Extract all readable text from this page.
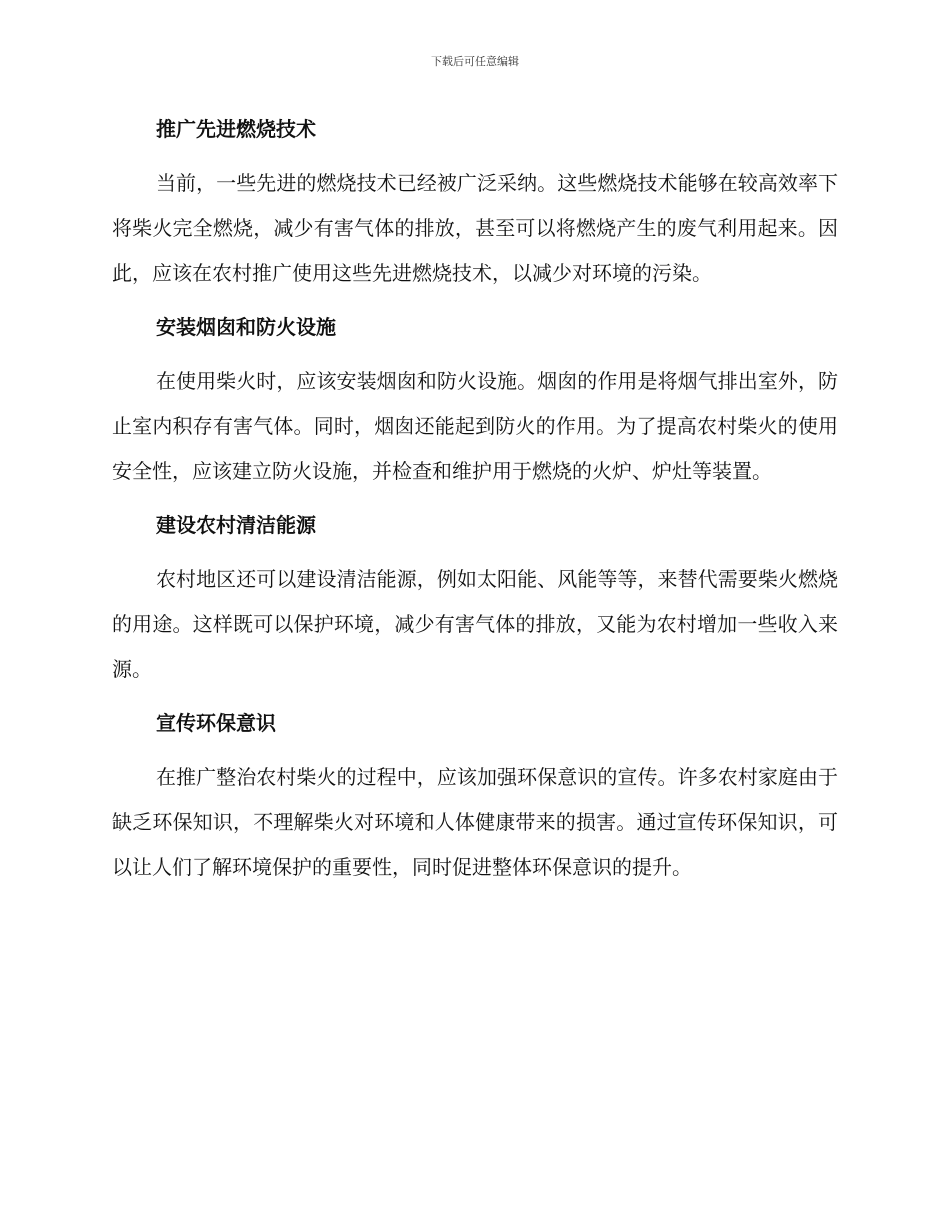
下载后可任意编辑
推广先进燃烧技术

当前，一些先进的燃烧技术已经被广泛采纳。这些燃烧技术能够在较高效率下将柴火完全燃烧，减少有害气体的排放，甚至可以将燃烧产生的废气利用起来。因此，应该在农村推广使用这些先进燃烧技术，以减少对环境的污染。

安装烟囱和防火设施

在使用柴火时，应该安装烟囱和防火设施。烟囱的作用是将烟气排出室外，防止室内积存有害气体。同时，烟囱还能起到防火的作用。为了提高农村柴火的使用安全性，应该建立防火设施，并检查和维护用于燃烧的火炉、炉灶等装置。

建设农村清洁能源

农村地区还可以建设清洁能源，例如太阳能、风能等等，来替代需要柴火燃烧的用途。这样既可以保护环境，减少有害气体的排放，又能为农村增加一些收入来源。

宣传环保意识

在推广整治农村柴火的过程中，应该加强环保意识的宣传。许多农村家庭由于缺乏环保知识，不理解柴火对环境和人体健康带来的损害。通过宣传环保知识，可以让人们了解环境保护的重要性，同时促进整体环保意识的提升。
